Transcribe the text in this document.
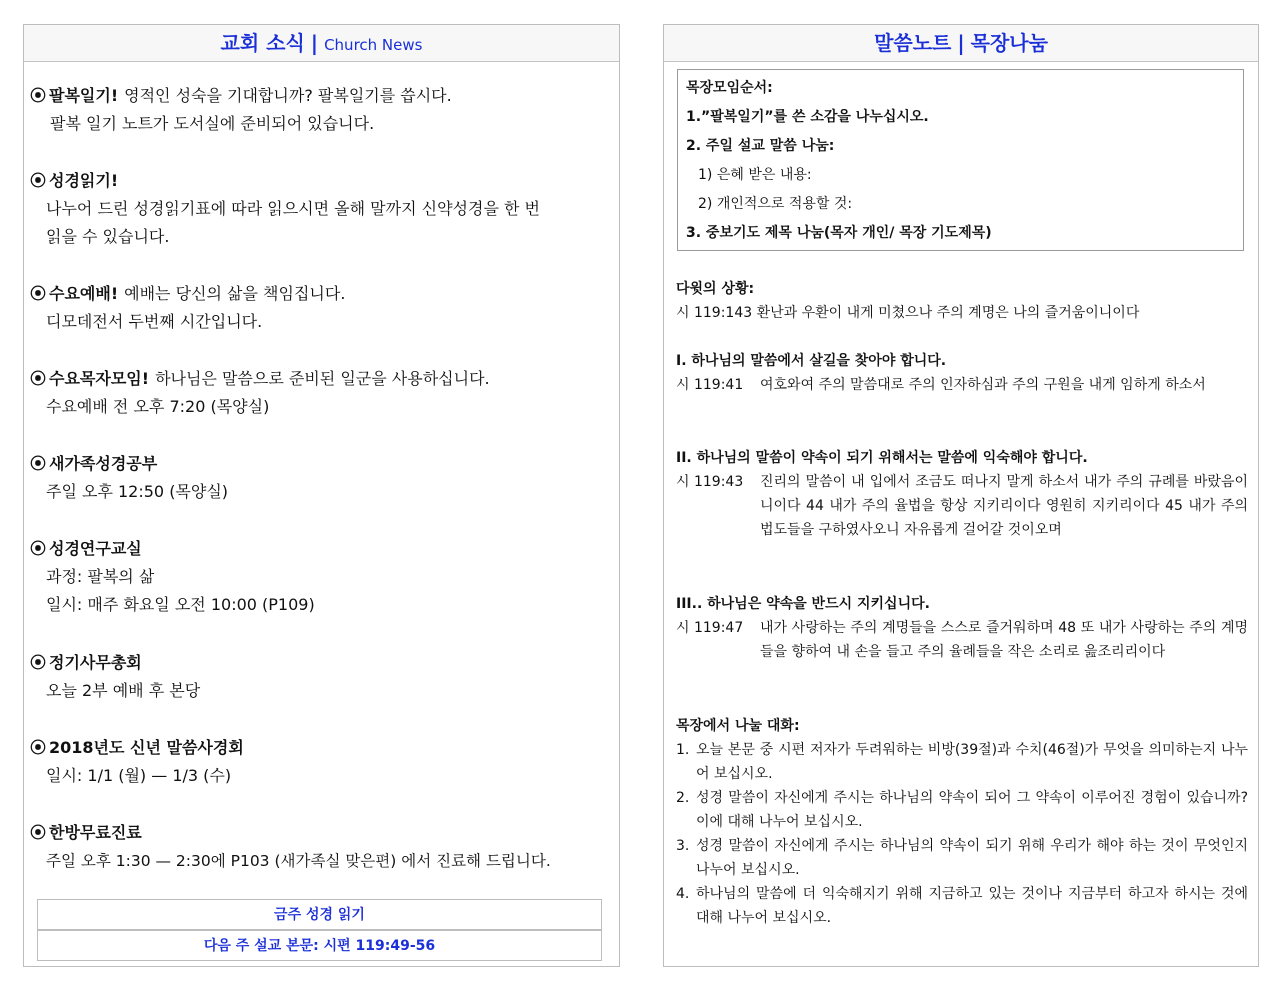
교회 소식 | Church News
⦿ 팔복일기! 영적인 성숙을 기대합니까? 팔복일기를 씁시다.
팔복 일기 노트가 도서실에 준비되어 있습니다.
⦿ 성경읽기!
나누어 드린 성경읽기표에 따라 읽으시면 올해 말까지 신약성경을 한 번
읽을 수 있습니다.
⦿ 수요예배! 예배는 당신의 삶을 책임집니다.
디모데전서 두번째 시간입니다.
⦿ 수요목자모임! 하나님은 말씀으로 준비된 일군을 사용하십니다.
수요예배 전 오후 7:20 (목양실)
⦿ 새가족성경공부
주일 오후 12:50 (목양실)
⦿ 성경연구교실
과정: 팔복의 삶
일시: 매주 화요일 오전 10:00 (P109)
⦿ 정기사무총회
오늘 2부 예배 후 본당
⦿ 2018년도 신년 말씀사경회
일시: 1/1 (월) — 1/3 (수)
⦿ 한방무료진료
주일 오후 1:30 — 2:30에 P103 (새가족실 맞은편) 에서 진료해 드립니다.
금주 성경 읽기
다음 주 설교 본문: 시편 119:49-56
말씀노트 | 목장나눔
목장모임순서:
1.”팔복일기”를 쓴 소감을 나누십시오.
2. 주일 설교 말씀 나눔:
1) 은혜 받은 내용:
2) 개인적으로 적용할 것:
3. 중보기도 제목 나눔(목자 개인/ 목장 기도제목)
다윗의 상황:
시 119:143 환난과 우환이 내게 미쳤으나 주의 계명은 나의 즐거움이니이다
I. 하나님의 말씀에서 살길을 찾아야 합니다.
시 119:41	여호와여 주의 말씀대로 주의 인자하심과 주의 구원을 내게 임하게 하소서
II. 하나님의 말씀이 약속이 되기 위해서는 말씀에 익숙해야 합니다.
시 119:43	진리의 말씀이 내 입에서 조금도 떠나지 말게 하소서 내가 주의 규례를 바랐음이니이다 44 내가 주의 율법을 항상 지키리이다 영원히 지키리이다 45 내가 주의 법도들을 구하였사오니 자유롭게 걸어갈 것이오며
III.. 하나님은 약속을 반드시 지키십니다.
시 119:47	내가 사랑하는 주의 계명들을 스스로 즐거워하며 48 또 내가 사랑하는 주의 계명들을 향하여 내 손을 들고 주의 율례들을 작은 소리로 읊조리리이다
목장에서 나눌 대화:
1. 오늘 본문 중 시편 저자가 두려워하는 비방(39절)과 수치(46절)가 무엇을 의미하는지 나누어 보십시오.
2. 성경 말씀이 자신에게 주시는 하나님의 약속이 되어 그 약속이 이루어진 경험이 있습니까? 이에 대해 나누어 보십시오.
3. 성경 말씀이 자신에게 주시는 하나님의 약속이 되기 위해 우리가 해야 하는 것이 무엇인지 나누어 보십시오.
4. 하나님의 말씀에 더 익숙해지기 위해 지금하고 있는 것이나 지금부터 하고자 하시는 것에 대해 나누어 보십시오.
